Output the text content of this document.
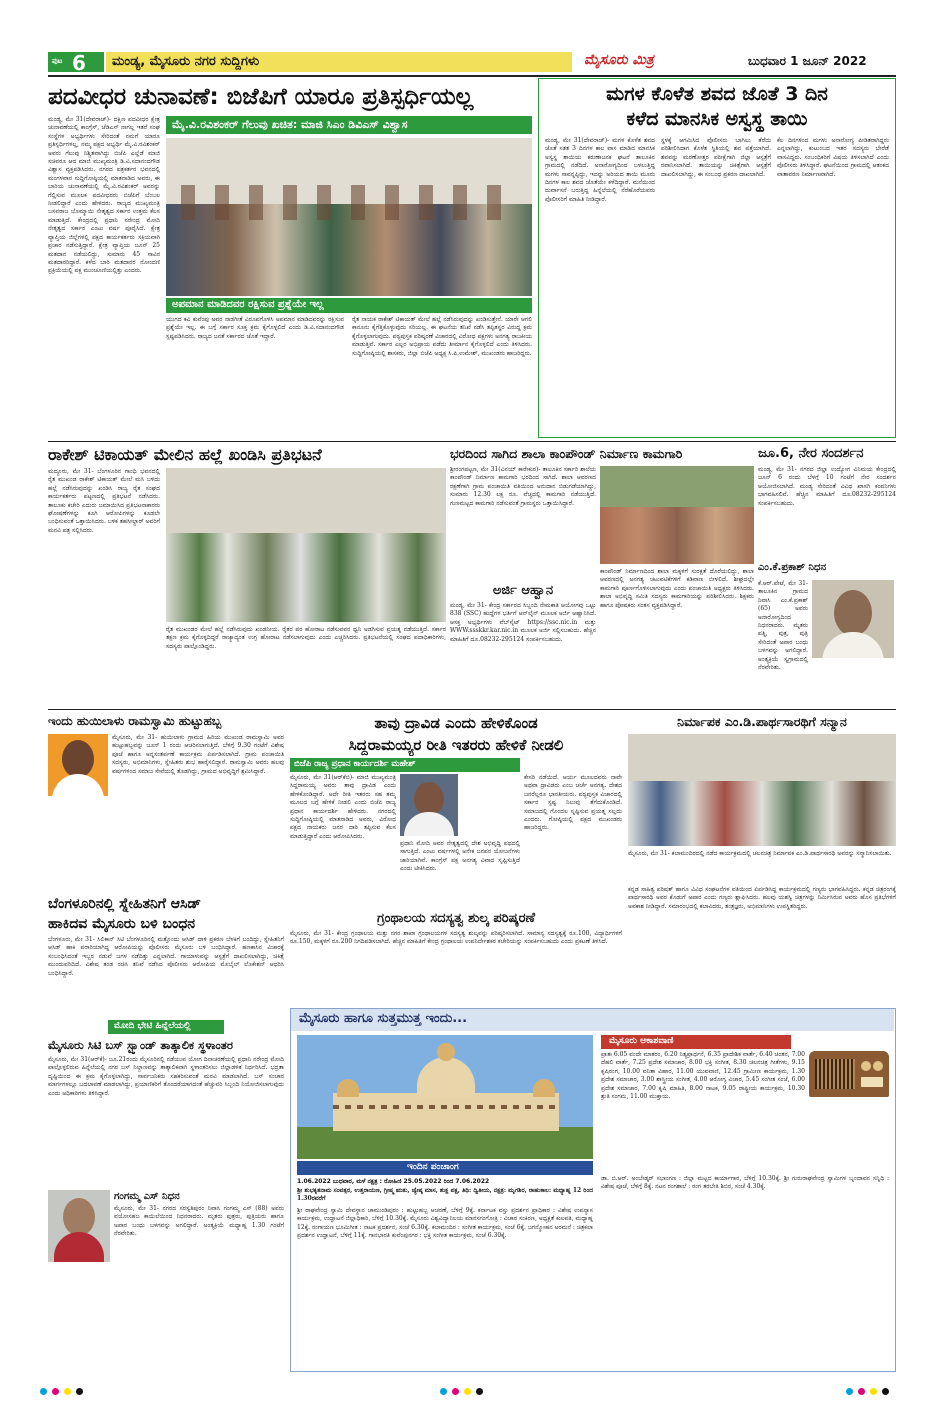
ಪುಟ 6 ಮಂಡ್ಯ, ಮೈಸೂರು ನಗರ ಸುದ್ದಿಗಳು	ಮೈಸೂರು ಮಿತ್ರ	ಬುಧವಾರ 1 ಜೂನ್ 2022
ಪದವೀಧರ ಚುನಾವಣೆ: ಬಿಜೆಪಿಗೆ ಯಾರೂ ಪ್ರತಿಸ್ಪರ್ಧಿಯಲ್ಲ
ಮೈ.ವಿ.ರವಿಶಂಕರ್ ಗೆಲುವು ಖಚಿತ: ಮಾಜಿ ಸಿಎಂ ಡಿವಿಎಸ್ ವಿಶ್ವಾಸ
ಮಂಡ್ಯ, ಮೇ 31(ದೇವರಾಜ್)- ದಕ್ಷಿಣ ಪದವೀಧರ ಕ್ಷೇತ್ರ ಚುನಾವಣೆಯಲ್ಲಿ ಕಾಂಗ್ರೆಸ್, ಜೆಡಿಎಸ್ ನಾಗಲ್ಲ ಇತರೆ ಸಂಘ ಸಂಸ್ಥೆಗಳ ಅಭ್ಯರ್ಥಿಗಳು ಸೇರಿದಂತೆ ನಮಗೆ ಯಾರೂ ಪ್ರತಿಸ್ಪರ್ಧಿಗಳಲ್ಲ, ನಮ್ಮ ಪಕ್ಷದ ಅಭ್ಯರ್ಥಿ ಮೈ.ವಿ.ರವಿಶಂಕರ್ ಅವರು ಗೆಲುವು ನಿಶ್ಚಿತವಾಗಿದ್ದು ಬಿಜೆಪಿ ಎಲ್ಲೆಡೆ ಮಾಜಿ ಸಚಿವರೂ ಆದ ಮಾಜಿ ಮುಖ್ಯಮಂತ್ರಿ ಡಿ.ವಿ.ಸದಾನಂದಗೌಡ ವಿಶ್ವಾಸ ವ್ಯಕ್ತಪಡಿಸಿದರು. ನಗರದ ಪತ್ರಕರ್ತರ ಭವನದಲ್ಲಿ ಮಂಗಳವಾರ ಸುದ್ದಿಗೋಷ್ಠಿಯಲ್ಲಿ ಮಾತನಾಡಿದ ಅವರು, ಈ ಬಾರಿಯ ಚುನಾವಣೆಯಲ್ಲಿ ಮೈ.ವಿ.ರವಿಶಂಕರ್ ಅವರನ್ನು ಗೆಲ್ಲಿಸುವ ಮೂಲಕ ಪದವೀಧರರು ಬಿಜೆಪಿಗೆ ಬೆಂಬಲ ನೀಡಲಿದ್ದಾರೆ ಎಂದು ಹೇಳಿದರು. ರಾಜ್ಯದ ಮುಖ್ಯಮಂತ್ರಿ ಬಸವರಾಜ ಬೊಮ್ಮಾಯಿ ನೇತೃತ್ವದ ಸರ್ಕಾರ ಉತ್ತಮ ಕೆಲಸ ಮಾಡುತ್ತಿದೆ. ಕೇಂದ್ರದಲ್ಲಿ ಪ್ರಧಾನಿ ನರೇಂದ್ರ ಮೋದಿ ನೇತೃತ್ವದ ಸರ್ಕಾರ ಎಂಟು ವರ್ಷ ಪೂರೈಸಿದೆ. ಕ್ಷೇತ್ರ ವ್ಯಾಪ್ತಿಯ ಜಿಲ್ಲೆಗಳಲ್ಲಿ ಪಕ್ಷದ ಕಾರ್ಯಕರ್ತರು ಸಕ್ರಿಯವಾಗಿ ಪ್ರಚಾರ ನಡೆಸುತ್ತಿದ್ದಾರೆ. ಕ್ಷೇತ್ರ ವ್ಯಾಪ್ತಿಯ ಜೂನ್ 25 ಮತದಾನ ನಡೆಯಲಿದ್ದು, ಸುಮಾರು 45 ಸಾವಿರ ಮತದಾರರಿದ್ದಾರೆ. ಕಳೆದ ಬಾರಿ ಮತದಾರರ ನೋಂದಣಿ ಪ್ರಕ್ರಿಯೆಯಲ್ಲಿ ಪಕ್ಷ ಮುಂಚೂಣಿಯಲ್ಲಿತ್ತು ಎಂದರು.
ಅಪಮಾನ ಮಾಡಿದವರ ರಕ್ಷಿಸುವ ಪ್ರಶ್ನೆಯೇ ಇಲ್ಲ
ಯುಗದ ಕವಿ ಕುವೆಂಪು ಅವರ ನಾಡಗೀತೆ ವಿರೂಪಗೊಳಿಸಿ ಅಪಮಾನ ಮಾಡಿದವರನ್ನು ರಕ್ಷಿಸುವ ಪ್ರಶ್ನೆಯೇ ಇಲ್ಲ. ಈ ಬಗ್ಗೆ ಸರ್ಕಾರ ಸೂಕ್ತ ಕ್ರಮ ಕೈಗೊಳ್ಳಲಿದೆ ಎಂದು ಡಿ.ವಿ.ಸದಾನಂದಗೌಡ ಸ್ಪಷ್ಟಪಡಿಸಿದರು. ರಾಜ್ಯದ ಜನತೆ ಸರ್ಕಾರದ ಜೊತೆ ಇದ್ದಾರೆ.
ರೈತ ನಾಯಕ ರಾಕೇಶ್ ಟಿಕಾಯತ್ ಮೇಲೆ ಹಲ್ಲೆ ನಡೆಸಿರುವುದನ್ನು ಖಂಡಿಸುತ್ತೇನೆ. ಯಾರೇ ಆಗಲಿ ಕಾನೂನು ಕೈಗೆತ್ತಿಕೊಳ್ಳುವುದು ಸರಿಯಲ್ಲ. ಈ ಘಟನೆಯ ತನಿಖೆ ನಡೆಸಿ ತಪ್ಪಿತಸ್ಥರ ವಿರುದ್ಧ ಕ್ರಮ ಕೈಗೊಳ್ಳಲಾಗುವುದು. ಪಠ್ಯಪುಸ್ತಕ ಪರಿಷ್ಕರಣೆ ವಿಚಾರದಲ್ಲಿ ವಿರೋಧ ಪಕ್ಷಗಳು ಅನಗತ್ಯ ರಾಜಕೀಯ ಮಾಡುತ್ತಿವೆ. ಸರ್ಕಾರ ಎಲ್ಲರ ಅಭಿಪ್ರಾಯ ಪಡೆದು ತೀರ್ಮಾನ ಕೈಗೊಳ್ಳಲಿದೆ ಎಂದು ತಿಳಿಸಿದರು. ಸುದ್ದಿಗೋಷ್ಠಿಯಲ್ಲಿ ಶಾಸಕರು, ಜಿಲ್ಲಾ ಬಿಜೆಪಿ ಅಧ್ಯಕ್ಷ ಸಿ.ಪಿ.ಉಮೇಶ್, ಮುಖಂಡರು ಹಾಜರಿದ್ದರು.
ಮಗಳ ಕೊಳೆತ ಶವದ ಜೊತೆ 3 ದಿನ
ಕಳೆದ ಮಾನಸಿಕ ಅಸ್ವಸ್ಥ ತಾಯಿ
ಮಂಡ್ಯ, ಮೇ 31(ದೇವರಾಜ್)- ಮಗಳ ಕೊಳೆತ ಶವದ ಜೊತೆ ಸತತ 3 ದಿನಗಳ ಕಾಲ ವಾಸ ಮಾಡಿದ ಮಾನಸಿಕ ಅಸ್ವಸ್ಥ ತಾಯಿಯ ಕರುಣಾಜನಕ ಘಟನೆ ತಾಲೂಕಿನ ಗ್ರಾಮದಲ್ಲಿ ನಡೆದಿದೆ. ಅನಾರೋಗ್ಯದಿಂದ ಬಳಲುತ್ತಿದ್ದ ಮಗಳು ಸಾವನ್ನಪ್ಪಿದ್ದು, ಇದನ್ನು ಅರಿಯದ ತಾಯಿ ಮೂರು ದಿನಗಳ ಕಾಲ ಶವದ ಜೊತೆಯೇ ಕಳೆದಿದ್ದಾರೆ. ಮನೆಯಿಂದ ದುರ್ವಾಸನೆ ಬರುತ್ತಿದ್ದ ಹಿನ್ನೆಲೆಯಲ್ಲಿ ನೆರೆಹೊರೆಯವರು ಪೊಲೀಸರಿಗೆ ಮಾಹಿತಿ ನೀಡಿದ್ದಾರೆ.
ಸ್ಥಳಕ್ಕೆ ಆಗಮಿಸಿದ ಪೊಲೀಸರು ಬಾಗಿಲು ತೆರೆದು ಪರಿಶೀಲಿಸಿದಾಗ ಕೊಳೆತ ಸ್ಥಿತಿಯಲ್ಲಿ ಶವ ಪತ್ತೆಯಾಗಿದೆ. ಶವವನ್ನು ಮರಣೋತ್ತರ ಪರೀಕ್ಷೆಗಾಗಿ ಜಿಲ್ಲಾ ಆಸ್ಪತ್ರೆಗೆ ರವಾನಿಸಲಾಗಿದೆ. ತಾಯಿಯನ್ನು ಚಿಕಿತ್ಸೆಗಾಗಿ ಆಸ್ಪತ್ರೆಗೆ ದಾಖಲಿಸಲಾಗಿದ್ದು, ಈ ಸಂಬಂಧ ಪ್ರಕರಣ ದಾಖಲಾಗಿದೆ.
ಕೆಲ ದಿನಗಳಿಂದ ಮಗಳು ಅನಾರೋಗ್ಯ ಪೀಡಿತರಾಗಿದ್ದರು ಎನ್ನಲಾಗಿದ್ದು, ಕುಟುಂಬದ ಇತರ ಸದಸ್ಯರು ಬೇರೆಡೆ ವಾಸವಿದ್ದರು. ಸಂಬಂಧಿಕರಿಗೆ ವಿಷಯ ತಿಳಿಸಲಾಗಿದೆ ಎಂದು ಪೊಲೀಸರು ತಿಳಿಸಿದ್ದಾರೆ. ಘಟನೆಯಿಂದ ಗ್ರಾಮದಲ್ಲಿ ಆತಂಕದ ವಾತಾವರಣ ನಿರ್ಮಾಣವಾಗಿದೆ.
ರಾಕೇಶ್ ಟಿಕಾಯತ್ ಮೇಲಿನ ಹಲ್ಲೆ ಖಂಡಿಸಿ ಪ್ರತಿಭಟನೆ
ಮದ್ದೂರು, ಮೇ 31- ಬೆಂಗಳೂರಿನ ಗಾಂಧಿ ಭವನದಲ್ಲಿ ರೈತ ಮುಖಂಡ ರಾಕೇಶ್ ಟಿಕಾಯತ್ ಮೇಲೆ ಮಸಿ ಬಳಿದು ಹಲ್ಲೆ ನಡೆಸಿರುವುದನ್ನು ಖಂಡಿಸಿ ರಾಜ್ಯ ರೈತ ಸಂಘದ ಕಾರ್ಯಕರ್ತರು ಪಟ್ಟಣದಲ್ಲಿ ಪ್ರತಿಭಟನೆ ನಡೆಸಿದರು. ತಾಲೂಕು ಕಚೇರಿ ಎದುರು ಜಮಾಯಿಸಿದ ಪ್ರತಿಭಟನಾಕಾರರು ಘೋಷಣೆಗಳನ್ನು ಕೂಗಿ ಆರೋಪಿಗಳನ್ನು ಕೂಡಲೇ ಬಂಧಿಸುವಂತೆ ಒತ್ತಾಯಿಸಿದರು. ಬಳಿಕ ತಹಸೀಲ್ದಾರ್ ಅವರಿಗೆ ಮನವಿ ಪತ್ರ ಸಲ್ಲಿಸಿದರು.
ರೈತ ಮುಖಂಡರ ಮೇಲೆ ಹಲ್ಲೆ ನಡೆಸಿರುವುದು ಖಂಡನೀಯ. ರೈತರ ಪರ ಹೋರಾಟ ನಡೆಸುವವರ ಧ್ವನಿ ಅಡಗಿಸುವ ಪ್ರಯತ್ನ ನಡೆಯುತ್ತಿದೆ. ಸರ್ಕಾರ ತಕ್ಷಣ ಕ್ರಮ ಕೈಗೊಳ್ಳದಿದ್ದರೆ ರಾಜ್ಯಾದ್ಯಂತ ಉಗ್ರ ಹೋರಾಟ ನಡೆಸಲಾಗುವುದು ಎಂದು ಎಚ್ಚರಿಸಿದರು. ಪ್ರತಿಭಟನೆಯಲ್ಲಿ ಸಂಘದ ಪದಾಧಿಕಾರಿಗಳು, ಸದಸ್ಯರು ಪಾಲ್ಗೊಂಡಿದ್ದರು.
ಭರದಿಂದ ಸಾಗಿದ ಶಾಲಾ ಕಾಂಪೌಂಡ್ ನಿರ್ಮಾಣ ಕಾಮಗಾರಿ
ಶ್ರೀರಂಗಪಟ್ಟಣ, ಮೇ 31(ವಿನಯ್ ಕಾರೇಕುರ)- ತಾಲೂಕಿನ ಸರ್ಕಾರಿ ಶಾಲೆಯ ಕಾಂಪೌಂಡ್ ನಿರ್ಮಾಣ ಕಾಮಗಾರಿ ಭರದಿಂದ ಸಾಗಿದೆ. ಶಾಲಾ ಆವರಣದ ರಕ್ಷಣೆಗಾಗಿ ಗ್ರಾಮ ಪಂಚಾಯಿತಿ ವತಿಯಿಂದ ಅನುದಾನ ಬಿಡುಗಡೆಯಾಗಿದ್ದು, ಸುಮಾರು 12.30 ಲಕ್ಷ ರೂ. ವೆಚ್ಚದಲ್ಲಿ ಕಾಮಗಾರಿ ನಡೆಯುತ್ತಿದೆ. ಗುಣಮಟ್ಟದ ಕಾಮಗಾರಿ ನಡೆಸುವಂತೆ ಗ್ರಾಮಸ್ಥರು ಒತ್ತಾಯಿಸಿದ್ದಾರೆ.
ಕಾಂಪೌಂಡ್ ನಿರ್ಮಾಣದಿಂದ ಶಾಲಾ ಮಕ್ಕಳಿಗೆ ಸುರಕ್ಷತೆ ದೊರೆಯಲಿದ್ದು, ಶಾಲಾ ಆವರಣದಲ್ಲಿ ಅನಗತ್ಯ ಚಟುವಟಿಕೆಗಳಿಗೆ ಕಡಿವಾಣ ಬೀಳಲಿದೆ. ಶೀಘ್ರದಲ್ಲೇ ಕಾಮಗಾರಿ ಪೂರ್ಣಗೊಳಿಸಲಾಗುವುದು ಎಂದು ಪಂಚಾಯಿತಿ ಅಧ್ಯಕ್ಷರು ತಿಳಿಸಿದರು. ಶಾಲಾ ಅಭಿವೃದ್ಧಿ ಸಮಿತಿ ಸದಸ್ಯರು ಕಾಮಗಾರಿಯನ್ನು ಪರಿಶೀಲಿಸಿದರು. ಶಿಕ್ಷಕರು ಹಾಗೂ ಪೋಷಕರು ಸಂತಸ ವ್ಯಕ್ತಪಡಿಸಿದ್ದಾರೆ.
ಅರ್ಜಿ ಆಹ್ವಾನ
ಮಂಡ್ಯ, ಮೇ 31- ಕೇಂದ್ರ ಸರ್ಕಾರದ ಸಿಬ್ಬಂದಿ ನೇಮಕಾತಿ ಆಯೋಗವು ಒಟ್ಟು 838 (SSC) ಹುದ್ದೆಗಳ ಭರ್ತಿಗೆ ಆನ್‌ಲೈನ್ ಮೂಲಕ ಅರ್ಜಿ ಆಹ್ವಾನಿಸಿದೆ. ಆಸಕ್ತ ಅಭ್ಯರ್ಥಿಗಳು ವೆಬ್‌ಸೈಟ್ https://ssc.nic.in ಮತ್ತು WWW.ssskkr.kar.nic.in ಮೂಲಕ ಅರ್ಜಿ ಸಲ್ಲಿಸಬಹುದು. ಹೆಚ್ಚಿನ ಮಾಹಿತಿಗೆ ದೂ.08232-295124 ಸಂಪರ್ಕಿಸಬಹುದು.
ಜೂ.6, ನೇರ ಸಂದರ್ಶನ
ಮಂಡ್ಯ, ಮೇ 31- ನಗರದ ಜಿಲ್ಲಾ ಉದ್ಯೋಗ ವಿನಿಮಯ ಕೇಂದ್ರದಲ್ಲಿ ಜೂನ್ 6 ರಂದು ಬೆಳಗ್ಗೆ 10 ಗಂಟೆಗೆ ನೇರ ಸಂದರ್ಶನ ಆಯೋಜಿಸಲಾಗಿದೆ. ಮಂಡ್ಯ ಸೇರಿದಂತೆ ವಿವಿಧ ಖಾಸಗಿ ಕಂಪನಿಗಳು ಭಾಗವಹಿಸಲಿವೆ. ಹೆಚ್ಚಿನ ಮಾಹಿತಿಗೆ ದೂ.08232-295124 ಸಂಪರ್ಕಿಸಬಹುದು.
ಎಂ.ಕೆ.ಪ್ರಕಾಶ್ ನಿಧನ
ಕೆ.ಆರ್.ಪೇಟೆ, ಮೇ 31- ತಾಲೂಕಿನ ಗ್ರಾಮದ ನಿವಾಸಿ ಎಂ.ಕೆ.ಪ್ರಕಾಶ್ (65) ಅವರು ಅನಾರೋಗ್ಯದಿಂದ ನಿಧನರಾದರು. ಮೃತರು ಪತ್ನಿ, ಪುತ್ರ, ಪುತ್ರಿ ಸೇರಿದಂತೆ ಅಪಾರ ಬಂಧು ಬಳಗವನ್ನು ಅಗಲಿದ್ದಾರೆ. ಅಂತ್ಯಕ್ರಿಯೆ ಸ್ವಗ್ರಾಮದಲ್ಲಿ ನೆರವೇರಿತು.
ಇಂದು ಹುಯಿಲಾಳು ರಾಮಸ್ವಾಮಿ ಹುಟ್ಟುಹಬ್ಬ
ಮೈಸೂರು, ಮೇ 31- ಹುಯಿಲಾಳು ಗ್ರಾಮದ ಹಿರಿಯ ಮುಖಂಡ ರಾಮಸ್ವಾಮಿ ಅವರ ಹುಟ್ಟುಹಬ್ಬವನ್ನು ಜೂನ್ 1 ರಂದು ಆಚರಿಸಲಾಗುತ್ತಿದೆ. ಬೆಳಿಗ್ಗೆ 9.30 ಗಂಟೆಗೆ ವಿಶೇಷ ಪೂಜೆ ಹಾಗೂ ಅನ್ನಸಂತರ್ಪಣೆ ಕಾರ್ಯಕ್ರಮ ಏರ್ಪಡಿಸಲಾಗಿದೆ. ಗ್ರಾಮ ಪಂಚಾಯಿತಿ ಸದಸ್ಯರು, ಅಭಿಮಾನಿಗಳು, ಸ್ನೇಹಿತರು ಶುಭ ಹಾರೈಸಲಿದ್ದಾರೆ. ರಾಮಸ್ವಾಮಿ ಅವರು ಹಲವು ವರ್ಷಗಳಿಂದ ಸಮಾಜ ಸೇವೆಯಲ್ಲಿ ತೊಡಗಿದ್ದು, ಗ್ರಾಮದ ಅಭಿವೃದ್ಧಿಗೆ ಶ್ರಮಿಸಿದ್ದಾರೆ.
ಬೆಂಗಳೂರಿನಲ್ಲಿ ಸ್ನೇಹಿತನಿಗೆ ಆಸಿಡ್
ಹಾಕಿದವ ಮೈಸೂರು ಬಳಿ ಬಂಧನ
ಬೆಂಗಳೂರು, ಮೇ 31- ಸಿಲಿಕಾನ್ ಸಿಟಿ ಬೆಂಗಳೂರಿನಲ್ಲಿ ಮತ್ತೊಂದು ಆಸಿಡ್ ದಾಳಿ ಪ್ರಕರಣ ಬೆಳಕಿಗೆ ಬಂದಿದ್ದು, ಸ್ನೇಹಿತನಿಗೆ ಆಸಿಡ್ ಹಾಕಿ ಪರಾರಿಯಾಗಿದ್ದ ಆರೋಪಿಯನ್ನು ಪೊಲೀಸರು ಮೈಸೂರು ಬಳಿ ಬಂಧಿಸಿದ್ದಾರೆ. ಹಣಕಾಸಿನ ವಿಚಾರಕ್ಕೆ ಸಂಬಂಧಿಸಿದಂತೆ ಇಬ್ಬರ ನಡುವೆ ಜಗಳ ನಡೆದಿತ್ತು ಎನ್ನಲಾಗಿದೆ. ಗಾಯಾಳುವನ್ನು ಆಸ್ಪತ್ರೆಗೆ ದಾಖಲಿಸಲಾಗಿದ್ದು, ಚಿಕಿತ್ಸೆ ಮುಂದುವರಿದಿದೆ. ವಿಶೇಷ ತಂಡ ರಚಿಸಿ ತನಿಖೆ ನಡೆಸಿದ ಪೊಲೀಸರು ಆರೋಪಿಯ ಮೊಬೈಲ್ ಲೊಕೇಶನ್ ಆಧರಿಸಿ ಬಂಧಿಸಿದ್ದಾರೆ.
ಮೋದಿ ಭೇಟಿ ಹಿನ್ನೆಲೆಯಲ್ಲಿ
ಮೈಸೂರು ಸಿಟಿ ಬಸ್ ಸ್ಟ್ಯಾಂಡ್ ತಾತ್ಕಾಲಿಕ ಸ್ಥಳಾಂತರ
ಮೈಸೂರು, ಮೇ 31(ಆರ್‌ಕೆ)- ಜೂ.21ರಂದು ಮೈಸೂರಿನಲ್ಲಿ ನಡೆಯುವ ಯೋಗ ದಿನಾಚರಣೆಯಲ್ಲಿ ಪ್ರಧಾನಿ ನರೇಂದ್ರ ಮೋದಿ ಪಾಲ್ಗೊಳ್ಳಲಿರುವ ಹಿನ್ನೆಲೆಯಲ್ಲಿ ನಗರ ಬಸ್ ನಿಲ್ದಾಣವನ್ನು ತಾತ್ಕಾಲಿಕವಾಗಿ ಸ್ಥಳಾಂತರಿಸಲು ಜಿಲ್ಲಾಡಳಿತ ನಿರ್ಧರಿಸಿದೆ. ಭದ್ರತಾ ದೃಷ್ಟಿಯಿಂದ ಈ ಕ್ರಮ ಕೈಗೊಳ್ಳಲಾಗಿದ್ದು, ಸಾರ್ವಜನಿಕರು ಸಹಕರಿಸುವಂತೆ ಮನವಿ ಮಾಡಲಾಗಿದೆ. ಬಸ್ ಸಂಚಾರ ಮಾರ್ಗಗಳಲ್ಲೂ ಬದಲಾವಣೆ ಮಾಡಲಾಗಿದ್ದು, ಪ್ರಯಾಣಿಕರಿಗೆ ತೊಂದರೆಯಾಗದಂತೆ ಹೆಚ್ಚುವರಿ ಸಿಬ್ಬಂದಿ ನಿಯೋಜಿಸಲಾಗುವುದು ಎಂದು ಅಧಿಕಾರಿಗಳು ತಿಳಿಸಿದ್ದಾರೆ.
ಗಂಗಮ್ಮ ಎಸ್ ನಿಧನ
ಮೈಸೂರು, ಮೇ 31- ನಗರದ ಸರಸ್ವತಿಪುರಂ ನಿವಾಸಿ ಗಂಗಮ್ಮ ಎಸ್ (88) ಅವರು ವಯೋಸಹಜ ಕಾಯಿಲೆಯಿಂದ ನಿಧನರಾದರು. ಮೃತರು ಪುತ್ರರು, ಪುತ್ರಿಯರು ಹಾಗೂ ಅಪಾರ ಬಂಧು ಬಳಗವನ್ನು ಅಗಲಿದ್ದಾರೆ. ಅಂತ್ಯಕ್ರಿಯೆ ಮಧ್ಯಾಹ್ನ 1.30 ಗಂಟೆಗೆ ನೆರವೇರಿತು.
ತಾವು ದ್ರಾವಿಡ ಎಂದು ಹೇಳಿಕೊಂಡ
ಸಿದ್ದರಾಮಯ್ಯರ ರೀತಿ ಇತರರು ಹೇಳಿಕೆ ನೀಡಲಿ
ಬಿಜೆಪಿ ರಾಜ್ಯ ಪ್ರಧಾನ ಕಾರ್ಯದರ್ಶಿ ಮಹೇಶ್
ಮೈಸೂರು, ಮೇ 31(ಆರ್‌ಕೆಬಿ)- ಮಾಜಿ ಮುಖ್ಯಮಂತ್ರಿ ಸಿದ್ದರಾಮಯ್ಯ ಅವರು ತಾವು ದ್ರಾವಿಡ ಎಂದು ಹೇಳಿಕೊಂಡಿದ್ದಾರೆ. ಅದೇ ರೀತಿ ಇತರರು ಸಹ ತಮ್ಮ ಮೂಲದ ಬಗ್ಗೆ ಹೇಳಿಕೆ ನೀಡಲಿ ಎಂದು ಬಿಜೆಪಿ ರಾಜ್ಯ ಪ್ರಧಾನ ಕಾರ್ಯದರ್ಶಿ ಹೇಳಿದರು. ನಗರದಲ್ಲಿ ಸುದ್ದಿಗೋಷ್ಠಿಯಲ್ಲಿ ಮಾತನಾಡಿದ ಅವರು, ವಿರೋಧ ಪಕ್ಷದ ನಾಯಕರು ಜನರ ದಾರಿ ತಪ್ಪಿಸುವ ಕೆಲಸ ಮಾಡುತ್ತಿದ್ದಾರೆ ಎಂದು ಆರೋಪಿಸಿದರು.
ಪ್ರಧಾನಿ ಮೋದಿ ಅವರ ನೇತೃತ್ವದಲ್ಲಿ ದೇಶ ಅಭಿವೃದ್ಧಿ ಪಥದಲ್ಲಿ ಸಾಗುತ್ತಿದೆ. ಎಂಟು ವರ್ಷಗಳಲ್ಲಿ ಅನೇಕ ಜನಪರ ಯೋಜನೆಗಳು ಜಾರಿಯಾಗಿವೆ. ಕಾಂಗ್ರೆಸ್ ಪಕ್ಷ ಅನಗತ್ಯ ವಿವಾದ ಸೃಷ್ಟಿಸುತ್ತಿದೆ ಎಂದು ಟೀಕಿಸಿದರು.
ಕೇಸರಿ ನಡೆಯಿದೆ. ಆರ್ಯ ಮೂಲದವರು ನಾವೇ ಅಥವಾ ದ್ರಾವಿಡರು ಎಂಬ ಚರ್ಚೆ ಅನಗತ್ಯ. ದೇಶದ ಜನರೆಲ್ಲರೂ ಭಾರತೀಯರು. ಪಠ್ಯಪುಸ್ತಕ ವಿಚಾರದಲ್ಲಿ ಸರ್ಕಾರ ಸ್ಪಷ್ಟ ನಿಲುವು ತೆಗೆದುಕೊಂಡಿದೆ. ಸಮಾಜದಲ್ಲಿ ಗೊಂದಲ ಸೃಷ್ಟಿಸುವ ಪ್ರಯತ್ನ ಸಲ್ಲದು ಎಂದರು. ಗೋಷ್ಠಿಯಲ್ಲಿ ಪಕ್ಷದ ಮುಖಂಡರು ಹಾಜರಿದ್ದರು.
ಗ್ರಂಥಾಲಯ ಸದಸ್ಯತ್ವ ಶುಲ್ಕ ಪರಿಷ್ಕರಣೆ
ಮೈಸೂರು, ಮೇ 31- ಕೇಂದ್ರ ಗ್ರಂಥಾಲಯ ಮತ್ತು ನಗರ ಶಾಖಾ ಗ್ರಂಥಾಲಯಗಳ ಸದಸ್ಯತ್ವ ಶುಲ್ಕವನ್ನು ಪರಿಷ್ಕರಿಸಲಾಗಿದೆ. ಸಾಮಾನ್ಯ ಸದಸ್ಯತ್ವಕ್ಕೆ ರೂ.100, ವಿದ್ಯಾರ್ಥಿಗಳಿಗೆ ರೂ.150, ಮಕ್ಕಳಿಗೆ ರೂ.200 ನಿಗದಿಪಡಿಸಲಾಗಿದೆ. ಹೆಚ್ಚಿನ ಮಾಹಿತಿಗೆ ಕೇಂದ್ರ ಗ್ರಂಥಾಲಯ ಉಪನಿರ್ದೇಶಕರ ಕಚೇರಿಯನ್ನು ಸಂಪರ್ಕಿಸಬಹುದು ಎಂದು ಪ್ರಕಟಣೆ ತಿಳಿಸಿದೆ.
ನಿರ್ಮಾಪಕ ಎಂ.ಡಿ.ಪಾರ್ಥಸಾರಥಿಗೆ ಸನ್ಮಾನ
ಮೈಸೂರು, ಮೇ 31- ಕಲಾಮಂದಿರದಲ್ಲಿ ನಡೆದ ಕಾರ್ಯಕ್ರಮದಲ್ಲಿ ಚಲನಚಿತ್ರ ನಿರ್ಮಾಪಕ ಎಂ.ಡಿ.ಪಾರ್ಥಸಾರಥಿ ಅವರನ್ನು ಸನ್ಮಾನಿಸಲಾಯಿತು.
ಕನ್ನಡ ಸಾಹಿತ್ಯ ಪರಿಷತ್ ಹಾಗೂ ವಿವಿಧ ಸಂಘಟನೆಗಳ ವತಿಯಿಂದ ಏರ್ಪಡಿಸಿದ್ದ ಕಾರ್ಯಕ್ರಮದಲ್ಲಿ ಗಣ್ಯರು ಭಾಗವಹಿಸಿದ್ದರು. ಕನ್ನಡ ಚಿತ್ರರಂಗಕ್ಕೆ ಪಾರ್ಥಸಾರಥಿ ಅವರ ಕೊಡುಗೆ ಅಪಾರ ಎಂದು ಗಣ್ಯರು ಶ್ಲಾಘಿಸಿದರು. ಹಲವು ಯಶಸ್ವಿ ಚಿತ್ರಗಳನ್ನು ನಿರ್ಮಿಸಿರುವ ಅವರು ಹೊಸ ಪ್ರತಿಭೆಗಳಿಗೆ ಅವಕಾಶ ನೀಡಿದ್ದಾರೆ. ಸಮಾರಂಭದಲ್ಲಿ ಕಲಾವಿದರು, ತಂತ್ರಜ್ಞರು, ಅಭಿಮಾನಿಗಳು ಉಪಸ್ಥಿತರಿದ್ದರು.
ಮೈಸೂರು ಹಾಗೂ ಸುತ್ತಮುತ್ತ ಇಂದು...
ಇಂದಿನ ಪಂಚಾಂಗ
1.06.2022 ಬುಧವಾರ, ಮಳೆ ನಕ್ಷತ್ರ : ರೋಹಿಣಿ 25.05.2022 ರಿಂದ 7.06.2022
ಶ್ರೀ ಶುಭಕೃತನಾಮ ಸಂವತ್ಸರ, ಉತ್ತರಾಯಣ, ಗ್ರೀಷ್ಮ ಋತು, ಜ್ಯೇಷ್ಠ ಮಾಸ, ಶುಕ್ಲ ಪಕ್ಷ, ತಿಥಿ: ದ್ವಿತೀಯ, ನಕ್ಷತ್ರ: ಮೃಗಶಿರ, ರಾಹುಕಾಲ: ಮಧ್ಯಾಹ್ನ 12 ರಿಂದ 1.30ರವರೆಗೆ
ಶ್ರೀ ರಾಘವೇಂದ್ರ ಸ್ವಾಮಿ ದೇವಸ್ಥಾನ ಚಾಮುಂಡಿಪುರಂ : ಹುಟ್ಟುಹಬ್ಬ ಆಚರಣೆ, ಬೆಳಿಗ್ಗೆ 9ಕ್ಕೆ. ಕರ್ನಾಟಕ ವಸ್ತು ಪ್ರದರ್ಶನ ಪ್ರಾಧಿಕಾರ : ವಿಶೇಷ ಉಪನ್ಯಾಸ ಕಾರ್ಯಕ್ರಮ, ಉದ್ಘಾಟನೆ ಜಿಲ್ಲಾಧಿಕಾರಿ, ಬೆಳಿಗ್ಗೆ 10.30ಕ್ಕೆ. ಮೈಸೂರು ವಿಶ್ವವಿದ್ಯಾನಿಲಯ ಮಾನಸಗಂಗೋತ್ರಿ : ವಿಚಾರ ಸಂಕಿರಣ, ಅಧ್ಯಕ್ಷತೆ ಕುಲಪತಿ, ಮಧ್ಯಾಹ್ನ 12ಕ್ಕೆ. ರಂಗಾಯಣ ಭೂಮಿಗೀತ : ನಾಟಕ ಪ್ರದರ್ಶನ, ಸಂಜೆ 6.30ಕ್ಕೆ. ಕಲಾಮಂದಿರ : ಸಂಗೀತ ಕಾರ್ಯಕ್ರಮ, ಸಂಜೆ 6ಕ್ಕೆ. ಜಗನ್ಮೋಹನ ಅರಮನೆ : ಚಿತ್ರಕಲಾ ಪ್ರದರ್ಶನ ಉದ್ಘಾಟನೆ, ಬೆಳಿಗ್ಗೆ 11ಕ್ಕೆ. ಗಾನಭಾರತಿ ಕುವೆಂಪುನಗರ : ಭಕ್ತಿ ಸಂಗೀತ ಕಾರ್ಯಕ್ರಮ, ಸಂಜೆ 6.30ಕ್ಕೆ.
ಮೈಸೂರು ಆಕಾಶವಾಣಿ
ಪ್ರಾತಃ 6.05 ವಂದೇ ಮಾತರಂ, 6.20 ನಿತ್ಯಪ್ರಾರ್ಥನೆ, 6.35 ಪ್ರಾದೇಶಿಕ ವಾರ್ತೆ, 6.40 ಚಿಂತನ, 7.00 ದೆಹಲಿ ವಾರ್ತೆ, 7.25 ಪ್ರದೇಶ ಸಮಾಚಾರ, 8.00 ಭಕ್ತಿ ಸಂಗೀತ, 8.30 ಚಲನಚಿತ್ರ ಗೀತೆಗಳು, 9.15 ಕೃಷಿರಂಗ, 10.00 ವನಿತಾ ವಿಹಾರ, 11.00 ಯುವವಾಣಿ, 12.45 ಗ್ರಾಮೀಣ ಕಾರ್ಯಕ್ರಮ, 1.30 ಪ್ರದೇಶ ಸಮಾಚಾರ, 3.00 ಶಾಸ್ತ್ರೀಯ ಸಂಗೀತ, 4.00 ಆರೋಗ್ಯ ವಿಚಾರ, 5.45 ಸಂಗೀತ ಸಂಜೆ, 6.00 ಪ್ರದೇಶ ಸಮಾಚಾರ, 7.00 ಕೃಷಿ ಮಾಹಿತಿ, 8.00 ನಾಟಕ, 9.05 ರಾಷ್ಟ್ರೀಯ ಕಾರ್ಯಕ್ರಮ, 10.30 ಶ್ರುತಿ ಸಂಗಮ, 11.00 ಮುಕ್ತಾಯ.
ಡಾ. ಬಿ.ಆರ್. ಅಂಬೇಡ್ಕರ್ ಸಭಾಂಗಣ : ಜಿಲ್ಲಾ ಮಟ್ಟದ ಕಾರ್ಯಾಗಾರ, ಬೆಳಿಗ್ಗೆ 10.30ಕ್ಕೆ. ಶ್ರೀ ಗುರುರಾಘವೇಂದ್ರ ಸ್ವಾಮಿಗಳ ಬೃಂದಾವನ ಸನ್ನಿಧಿ : ವಿಶೇಷ ಪೂಜೆ, ಬೆಳಿಗ್ಗೆ 8ಕ್ಕೆ. ನಟನ ರಂಗಶಾಲೆ : ರಂಗ ತರಬೇತಿ ಶಿಬಿರ, ಸಂಜೆ 4.30ಕ್ಕೆ.
